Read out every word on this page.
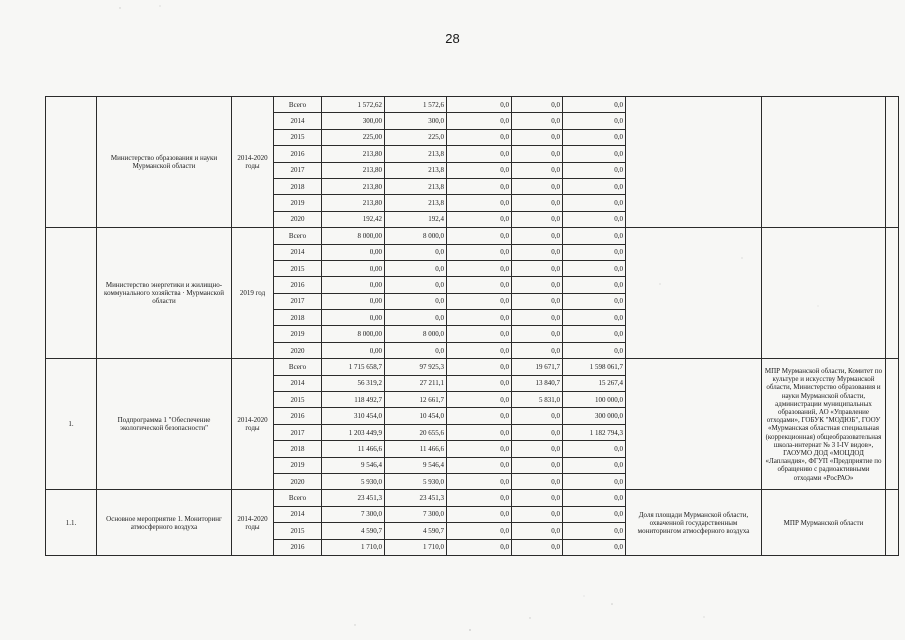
28
	Министерство образования и науки Мурманской области	2014-2020 годы	Всего	1 572,62	1 572,6	0,0	0,0	0,0			
			2014	300,00	300,0	0,0	0,0	0,0			
			2015	225,00	225,0	0,0	0,0	0,0			
			2016	213,80	213,8	0,0	0,0	0,0			
			2017	213,80	213,8	0,0	0,0	0,0			
			2018	213,80	213,8	0,0	0,0	0,0			
			2019	213,80	213,8	0,0	0,0	0,0			
			2020	192,42	192,4	0,0	0,0	0,0			
	Министерство энергетики и жилищно-коммунального хозяйства · Мурманской области	2019 год	Всего	8 000,00	8 000,0	0,0	0,0	0,0			
			2014	0,00	0,0	0,0	0,0	0,0			
			2015	0,00	0,0	0,0	0,0	0,0			
			2016	0,00	0,0	0,0	0,0	0,0			
			2017	0,00	0,0	0,0	0,0	0,0			
			2018	0,00	0,0	0,0	0,0	0,0			
			2019	8 000,00	8 000,0	0,0	0,0	0,0			
			2020	0,00	0,0	0,0	0,0	0,0			
1.	Подпрограмма 1 "Обеспечение экологической безопасности"	2014-2020 годы	Всего	1 715 658,7	97 925,3	0,0	19 671,7	1 598 061,7		МПР Мурманской области, Комитет по культуре и искусству Мурманской области, Министерство образования и науки Мурманской области, администрации муниципальных образований, АО «Управление отходами», ГОБУК "МОДЮБ", ГООУ «Мурманская областная специальная (коррекционная) общеобразовательная школа-интернат № 3 I-IV видов», ГАОУМО ДОД «МОЦДОД «Лапландия», ФГУП «Предприятие по обращению с радиоактивными отходами «РосРАО»	
			2014	56 319,2	27 211,1	0,0	13 840,7	15 267,4			
			2015	118 492,7	12 661,7	0,0	5 831,0	100 000,0			
			2016	310 454,0	10 454,0	0,0	0,0	300 000,0			
			2017	1 203 449,9	20 655,6	0,0	0,0	1 182 794,3			
			2018	11 466,6	11 466,6	0,0	0,0	0,0			
			2019	9 546,4	9 546,4	0,0	0,0	0,0			
			2020	5 930,0	5 930,0	0,0	0,0	0,0			
1.1.	Основное мероприятие 1. Мониторинг атмосферного воздуха	2014-2020 годы	Всего	23 451,3	23 451,3	0,0	0,0	0,0	Доля площади Мурманской области, охваченной государственным мониторингом атмосферного воздуха	МПР Мурманской области	
			2014	7 300,0	7 300,0	0,0	0,0	0,0			
			2015	4 590,7	4 590,7	0,0	0,0	0,0			
			2016	1 710,0	1 710,0	0,0	0,0	0,0			
